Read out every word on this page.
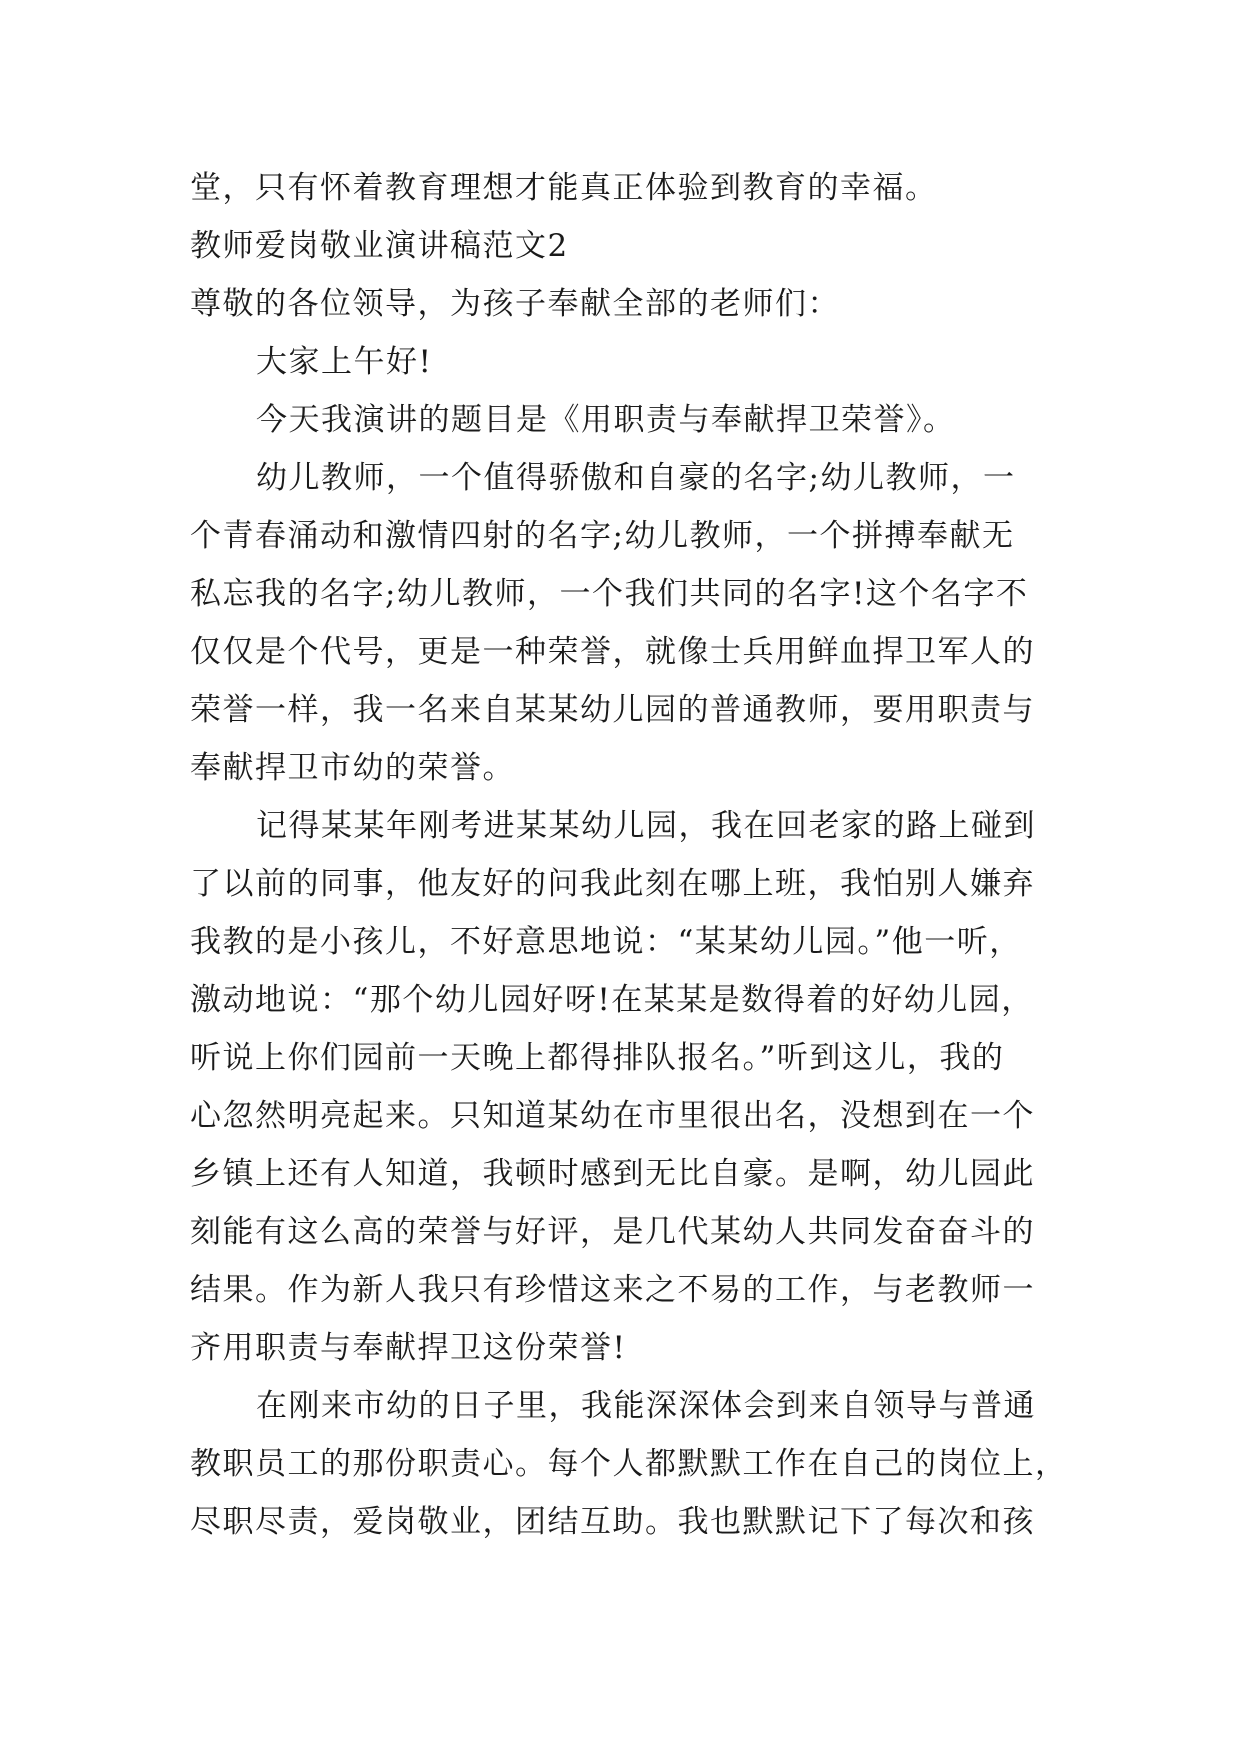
堂，只有怀着教育理想才能真正体验到教育的幸福。
教师爱岗敬业演讲稿范文2
尊敬的各位领导，为孩子奉献全部的老师们：
大家上午好!
今天我演讲的题目是《用职责与奉献捍卫荣誉》。
幼儿教师，一个值得骄傲和自豪的名字;幼儿教师，一
个青春涌动和激情四射的名字;幼儿教师，一个拼搏奉献无
私忘我的名字;幼儿教师，一个我们共同的名字!这个名字不
仅仅是个代号，更是一种荣誉，就像士兵用鲜血捍卫军人的
荣誉一样，我一名来自某某幼儿园的普通教师，要用职责与
奉献捍卫市幼的荣誉。
记得某某年刚考进某某幼儿园，我在回老家的路上碰到
了以前的同事，他友好的问我此刻在哪上班，我怕别人嫌弃
我教的是小孩儿，不好意思地说：“某某幼儿园。”他一听，
激动地说：“那个幼儿园好呀!在某某是数得着的好幼儿园，
听说上你们园前一天晚上都得排队报名。”听到这儿，我的
心忽然明亮起来。只知道某幼在市里很出名，没想到在一个
乡镇上还有人知道，我顿时感到无比自豪。是啊，幼儿园此
刻能有这么高的荣誉与好评，是几代某幼人共同发奋奋斗的
结果。作为新人我只有珍惜这来之不易的工作，与老教师一
齐用职责与奉献捍卫这份荣誉!
在刚来市幼的日子里，我能深深体会到来自领导与普通
教职员工的那份职责心。每个人都默默工作在自己的岗位上，
尽职尽责，爱岗敬业，团结互助。我也默默记下了每次和孩
